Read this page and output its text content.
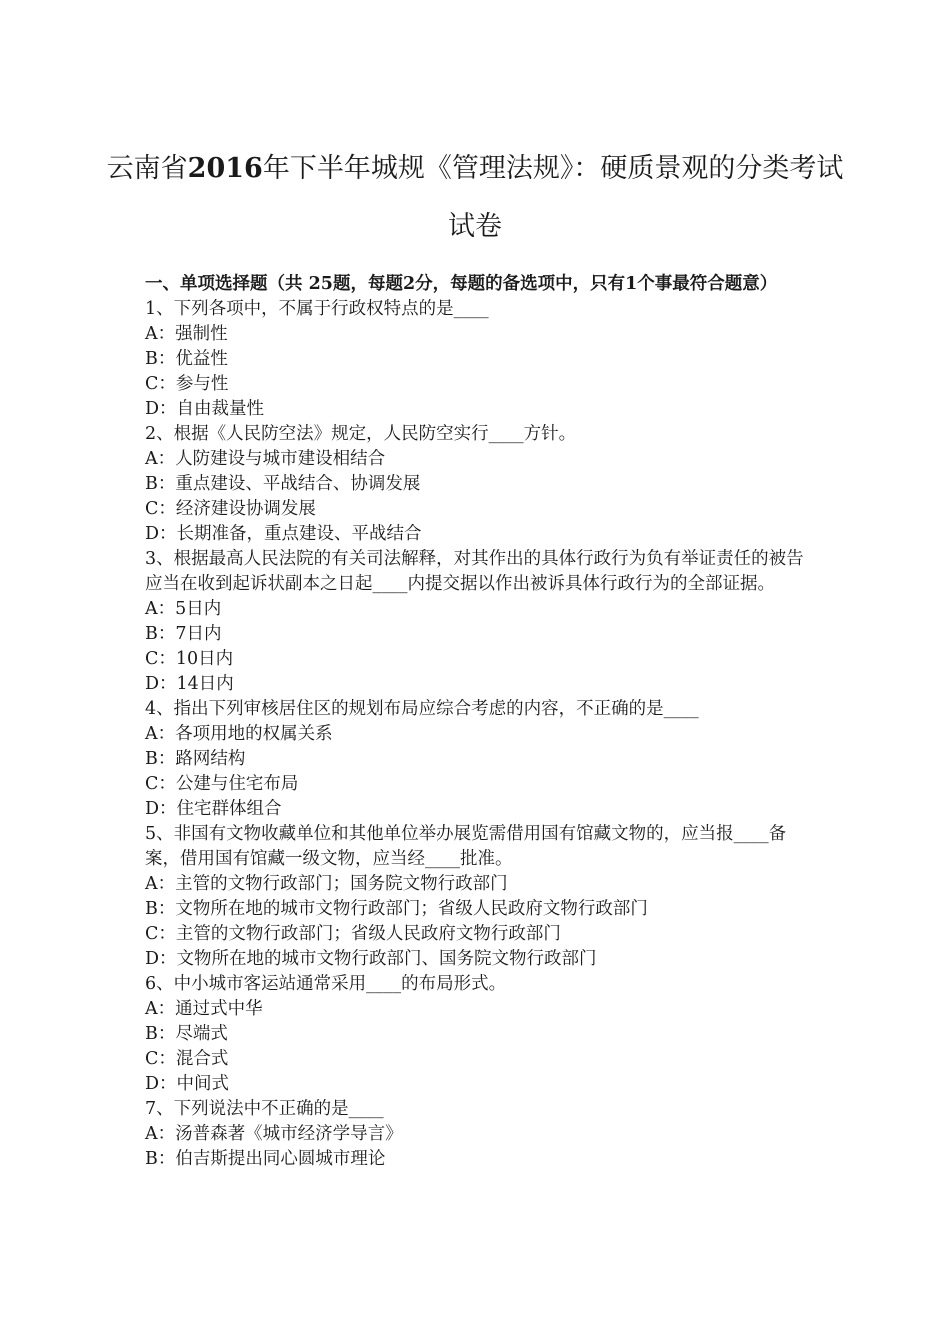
云南省2016年下半年城规《管理法规》：硬质景观的分类考试试卷

一、单项选择题（共 25题，每题2分，每题的备选项中，只有1个事最符合题意）

1、下列各项中，不属于行政权特点的是____

A：强制性

B：优益性

C：参与性

D：自由裁量性

2、根据《人民防空法》规定，人民防空实行____方针。

A：人防建设与城市建设相结合

B：重点建设、平战结合、协调发展

C：经济建设协调发展

D：长期准备，重点建设、平战结合

3、根据最高人民法院的有关司法解释，对其作出的具体行政行为负有举证责任的被告应当在收到起诉状副本之日起____内提交据以作出被诉具体行政行为的全部证据。

A：5日内

B：7日内

C：10日内

D：14日内

4、指出下列审核居住区的规划布局应综合考虑的内容，不正确的是____

A：各项用地的权属关系

B：路网结构

C：公建与住宅布局

D：住宅群体组合

5、非国有文物收藏单位和其他单位举办展览需借用国有馆藏文物的，应当报____备案，借用国有馆藏一级文物，应当经____批准。

A：主管的文物行政部门；国务院文物行政部门

B：文物所在地的城市文物行政部门；省级人民政府文物行政部门

C：主管的文物行政部门；省级人民政府文物行政部门

D：文物所在地的城市文物行政部门、国务院文物行政部门

6、中小城市客运站通常采用____的布局形式。

A：通过式中华

B：尽端式

C：混合式

D：中间式

7、下列说法中不正确的是____

A：汤普森著《城市经济学导言》

B：伯吉斯提出同心圆城市理论
